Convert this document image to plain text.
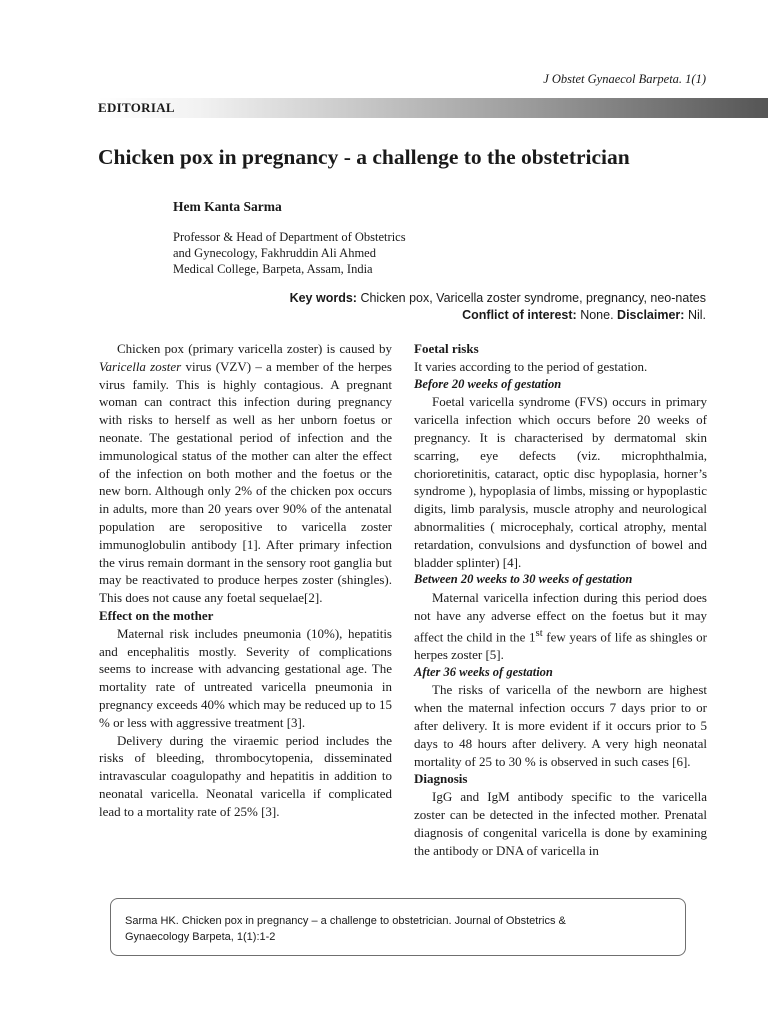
J Obstet Gynaecol Barpeta. 1(1)
EDITORIAL
Chicken pox in pregnancy - a challenge to the obstetrician
Hem Kanta Sarma
Professor & Head of Department of Obstetrics
and Gynecology, Fakhruddin Ali Ahmed
Medical College, Barpeta, Assam, India
Key words: Chicken pox, Varicella zoster syndrome, pregnancy, neo-nates
Conflict of interest: None. Disclaimer: Nil.

Chicken pox (primary varicella zoster) is caused by Varicella zoster virus (VZV) – a member of the herpes virus family. This is highly contagious. A pregnant woman can contract this infection during pregnancy with risks to herself as well as her unborn foetus or neonate. The gestational period of infection and the immunological status of the mother can alter the effect of the infection on both mother and the foetus or the new born. Although only 2% of the chicken pox occurs in adults, more than 20 years over 90% of the antenatal population are seropositive to varicella zoster immunoglobulin antibody [1]. After primary infection the virus remain dormant in the sensory root ganglia but may be reactivated to produce herpes zoster (shingles). This does not cause any foetal sequelae[2].

Effect on the mother

Maternal risk includes pneumonia (10%), hepatitis and encephalitis mostly. Severity of complications seems to increase with advancing gestational age. The mortality rate of untreated varicella pneumonia in pregnancy exceeds 40% which may be reduced up to 15 % or less with aggressive treatment [3].

Delivery during the viraemic period includes the risks of bleeding, thrombocytopenia, disseminated intravascular coagulopathy and hepatitis in addition to neonatal varicella. Neonatal varicella if complicated lead to a mortality rate of 25% [3].

Foetal risks

It varies according to the period of gestation.

Before 20 weeks of gestation

Foetal varicella syndrome (FVS) occurs in primary varicella infection which occurs before 20 weeks of pregnancy. It is characterised by dermatomal skin scarring, eye defects (viz. microphthalmia, chorioretinitis, cataract, optic disc hypoplasia, horner’s syndrome ), hypoplasia of limbs, missing or hypoplastic digits, limb paralysis, muscle atrophy and neurological abnormalities ( microcephaly, cortical atrophy, mental retardation, convulsions and dysfunction of bowel and bladder splinter) [4].

Between 20 weeks to 30 weeks of gestation

Maternal varicella infection during this period does not have any adverse effect on the foetus but it may affect the child in the 1st few years of life as shingles or herpes zoster [5].

After 36 weeks of gestation

The risks of varicella of the newborn are highest when the maternal infection occurs 7 days prior to or after delivery. It is more evident if it occurs prior to 5 days to 48 hours after delivery. A very high neonatal mortality of 25 to 30 % is observed in such cases [6].

Diagnosis

IgG and IgM antibody specific to the varicella zoster can be detected in the infected mother. Prenatal diagnosis of congenital varicella is done by examining the antibody or DNA of varicella in

Sarma HK. Chicken pox in pregnancy – a challenge to obstetrician. Journal of Obstetrics &
Gynaecology Barpeta, 1(1):1-2
